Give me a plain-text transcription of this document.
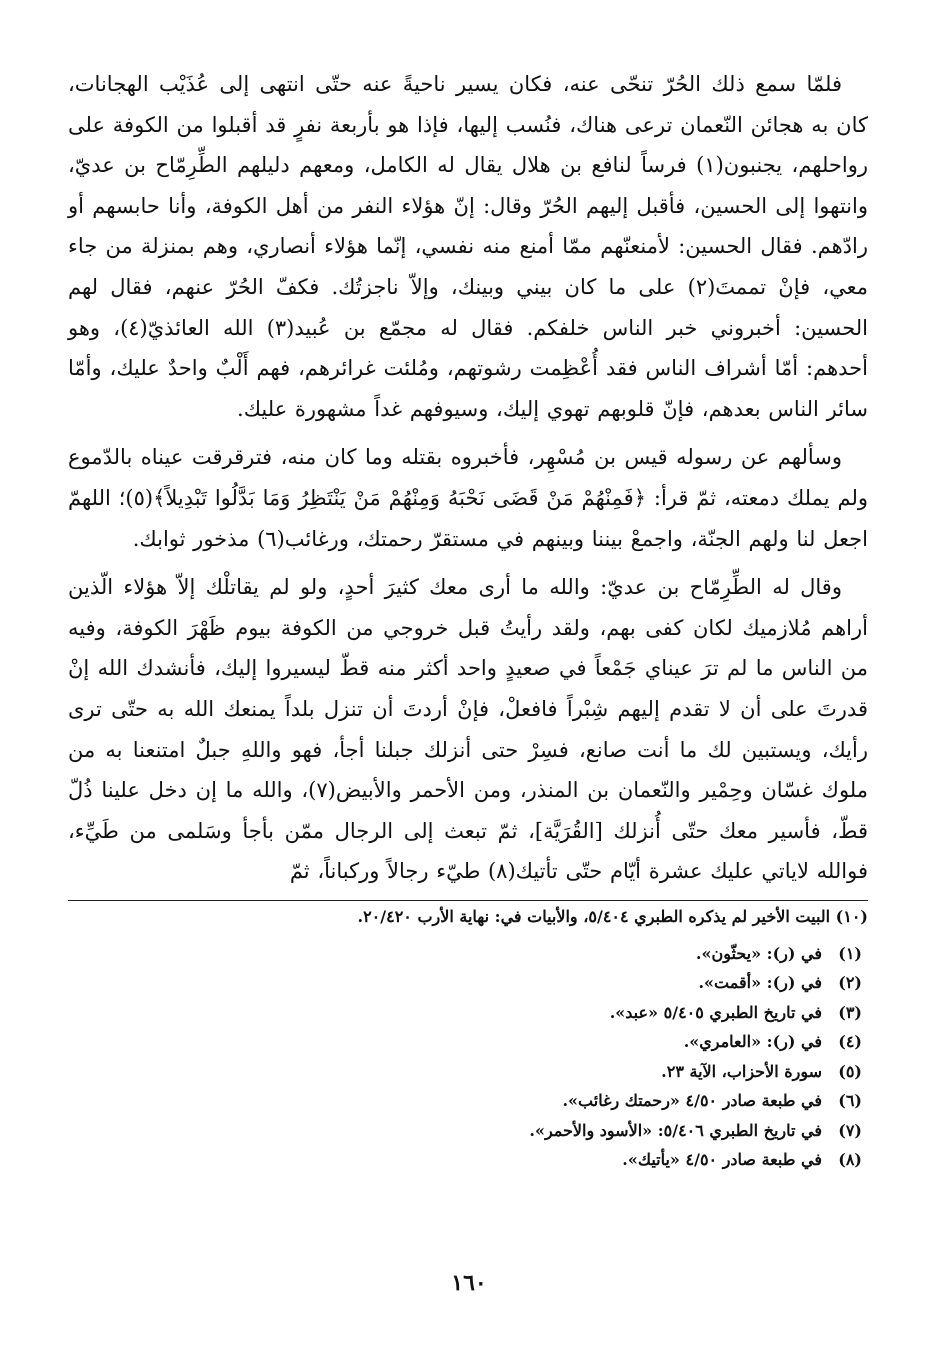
فلمّا سمع ذلك الحُرّ تنحّى عنه، فكان يسير ناحيةً عنه حتّى انتهى إلى عُذَيْب الهجانات، كان به هجائن النّعمان ترعى هناك، فنُسب إليها، فإذا هو بأربعة نفرٍ قد أقبلوا من الكوفة على رواحلهم، يجنبون(١) فرساً لنافع بن هلال يقال له الكامل، ومعهم دليلهم الطِّرِمّاح بن عديّ، وانتهوا إلى الحسين، فأقبل إليهم الحُرّ وقال: إنّ هؤلاء النفر من أهل الكوفة، وأنا حابسهم أو رادّهم. فقال الحسين: لأمنعنّهم ممّا أمنع منه نفسي، إنّما هؤلاء أنصاري، وهم بمنزلة من جاء معي، فإنْ تممتَ(٢) على ما كان بيني وبينك، وإلاّ ناجزتُك. فكفّ الحُرّ عنهم، فقال لهم الحسين: أخبروني خبر الناس خلفكم. فقال له مجمّع بن عُبيد(٣) الله العائذيّ(٤)، وهو أحدهم: أمّا أشراف الناس فقد أُعْظِمت رشوتهم، ومُلئت غرائرهم، فهم أَلْبٌ واحدٌ عليك، وأمّا سائر الناس بعدهم، فإنّ قلوبهم تهوي إليك، وسيوفهم غداً مشهورة عليك.

وسألهم عن رسوله قيس بن مُسْهِر، فأخبروه بقتله وما كان منه، فترقرقت عيناه بالدّموع ولم يملك دمعته، ثمّ قرأ: ﴿فَمِنْهُمْ مَنْ قَضَى نَحْبَهُ وَمِنْهُمْ مَنْ يَنْتَظِرُ وَمَا بَدَّلُوا تَبْدِيلاً﴾(٥)؛ اللهمّ اجعل لنا ولهم الجنّة، واجمعْ بيننا وبينهم في مستقرّ رحمتك، ورغائب(٦) مذخور ثوابك.

وقال له الطِّرِمّاح بن عديّ: والله ما أرى معك كثيرَ أحدٍ، ولو لم يقاتلْك إلاّ هؤلاء الّذين أراهم مُلازميك لكان كفى بهم، ولقد رأيتُ قبل خروجي من الكوفة بيوم ظَهْرَ الكوفة، وفيه من الناس ما لم ترَ عيناي جَمْعاً في صعيدٍ واحد أكثر منه قطّ ليسيروا إليك، فأنشدك الله إنْ قدرتَ على أن لا تقدم إليهم شِبْراً فافعلْ، فإنْ أردتَ أن تنزل بلداً يمنعك الله به حتّى ترى رأيك، ويستبين لك ما أنت صانع، فسِرْ حتى أنزلك جبلنا أجأ، فهو واللهِ جبلٌ امتنعنا به من ملوك غسّان وحِمْير والنّعمان بن المنذر، ومن الأحمر والأبيض(٧)، والله ما إن دخل علينا ذُلّ قطّ، فأسير معك حتّى أُنزلك [القُرَيَّة]، ثمّ تبعث إلى الرجال ممّن بأجأ وسَلمى من طَيِّء، فوالله لاياتي عليك عشرة أيّام حتّى تأتيك(٨) طيّء رجالاً وركباناً، ثمّ

(١٠) البيت الأخير لم يذكره الطبري ٥/٤٠٤، والأبيات في: نهاية الأرب ٢٠/٤٢٠.
(١)
في (ر): «يحثّون».
(٢)
في (ر): «أقمت».
(٣)
في تاريخ الطبري ٥/٤٠٥ «عبد».
(٤)
في (ر): «العامري».
(٥)
سورة الأحزاب، الآية ٢٣.
(٦)
في طبعة صادر ٤/٥٠ «رحمتك رغائب».
(٧)
في تاريخ الطبري ٥/٤٠٦: «الأسود والأحمر».
(٨)
في طبعة صادر ٤/٥٠ «يأتيك».
١٦٠
